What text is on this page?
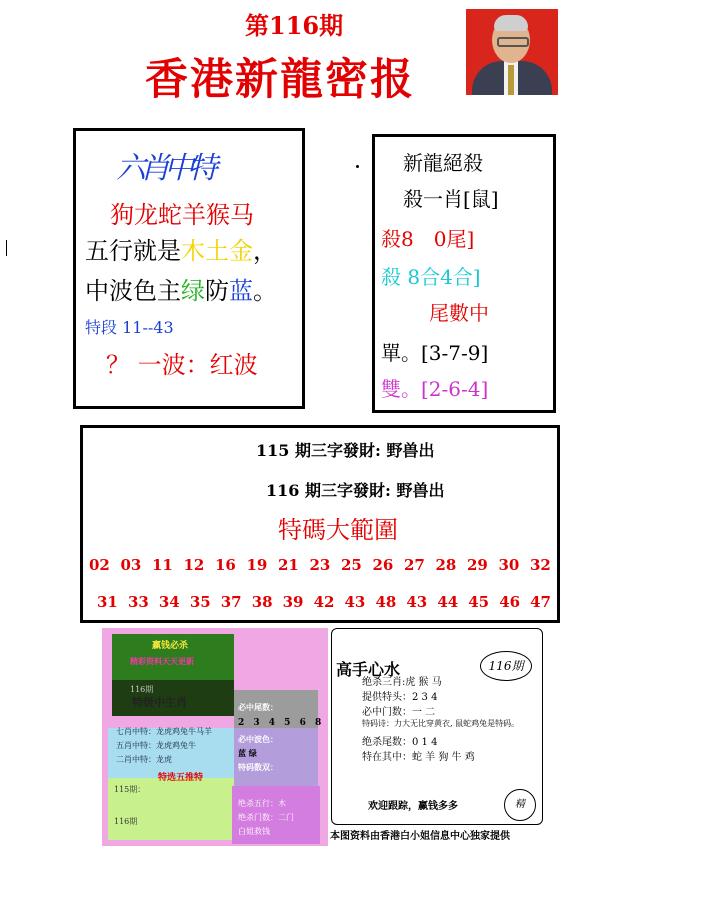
第116期
香港新龍密报
六肖中特
狗龙蛇羊猴马
五行就是木土金，
中波色主绿防蓝。
特段 11--43
？ 一波：红波
新龍絕殺
殺一肖[鼠]
殺8　0尾]
殺 8合4合]
尾數中
單。[3-7-9]
雙。[2-6-4]
115 期三字發財: 野兽出
116 期三字發財: 野兽出
特碼大範圍
02 03 11 12 16 19 21 23 25 26 27 28 29 30 32
31 33 34 35 37 38 39 42 43 48 43 44 45 46 47
赢钱必杀
精彩资料天天更新
116期
特级中生肖
七肖中特：龙虎鸡兔牛马羊
五肖中特：龙虎鸡兔牛
二肖中特：龙虎
特选五推特
必中尾数：
2 3 4 5 6 8
必中波色：
蓝 绿
特码数双：
115期：
116期
绝杀五行：木
绝杀门数：二门
白姐救钱
高手心水	116期
绝杀三肖:虎 猴 马
提供特头：2 3 4
必中门数：一 二
特码诗：力大无比穿黄衣, 鼠蛇鸡兔是特码。
绝杀尾数：0 1 4
特在其中：蛇 羊 狗 牛 鸡
欢迎跟踪，赢钱多多	精
本图资料由香港白小姐信息中心独家提供
